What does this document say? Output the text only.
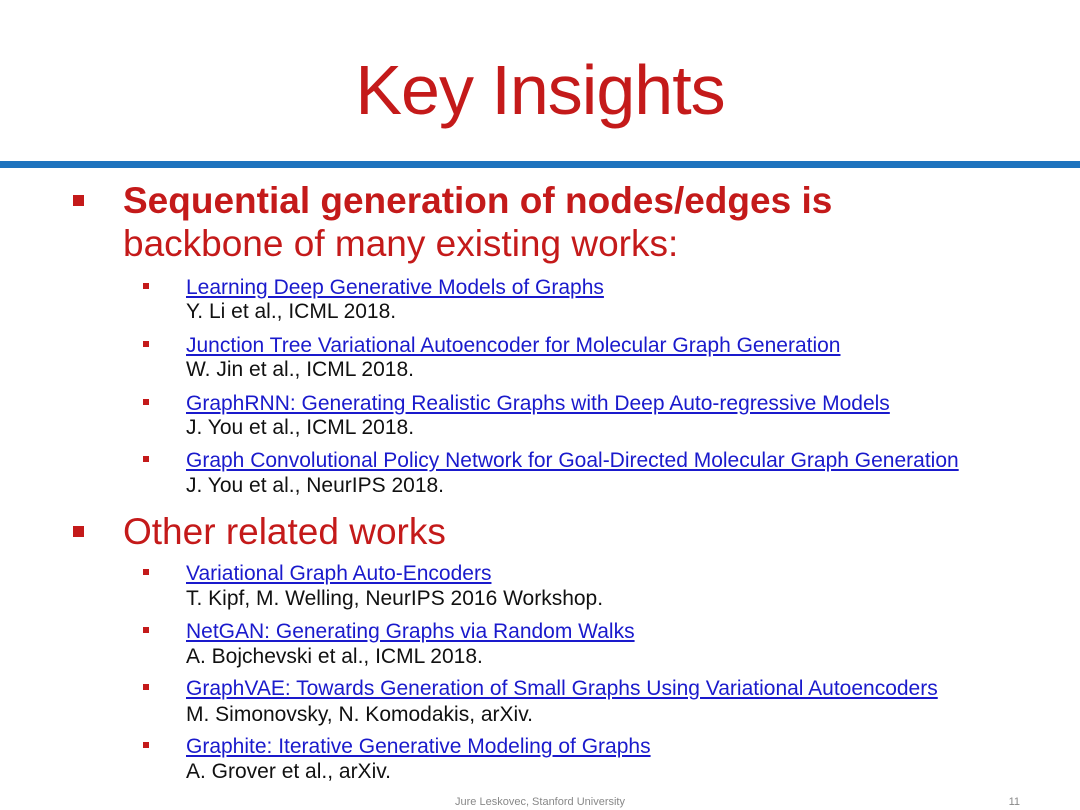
Key Insights
Sequential generation of nodes/edges is
backbone of many existing works:
Learning Deep Generative Models of Graphs
Y. Li et al., ICML 2018.
Junction Tree Variational Autoencoder for Molecular Graph Generation
W. Jin et al., ICML 2018.
GraphRNN: Generating Realistic Graphs with Deep Auto-regressive Models
J. You et al., ICML 2018.
Graph Convolutional Policy Network for Goal-Directed Molecular Graph Generation
J. You et al., NeurIPS 2018.
Other related works
Variational Graph Auto-Encoders
T. Kipf, M. Welling, NeurIPS 2016 Workshop.
NetGAN: Generating Graphs via Random Walks
A. Bojchevski et al., ICML 2018.
GraphVAE: Towards Generation of Small Graphs Using Variational Autoencoders
M. Simonovsky, N. Komodakis, arXiv.
Graphite: Iterative Generative Modeling of Graphs
A. Grover et al., arXiv.
Jure Leskovec, Stanford University	11
